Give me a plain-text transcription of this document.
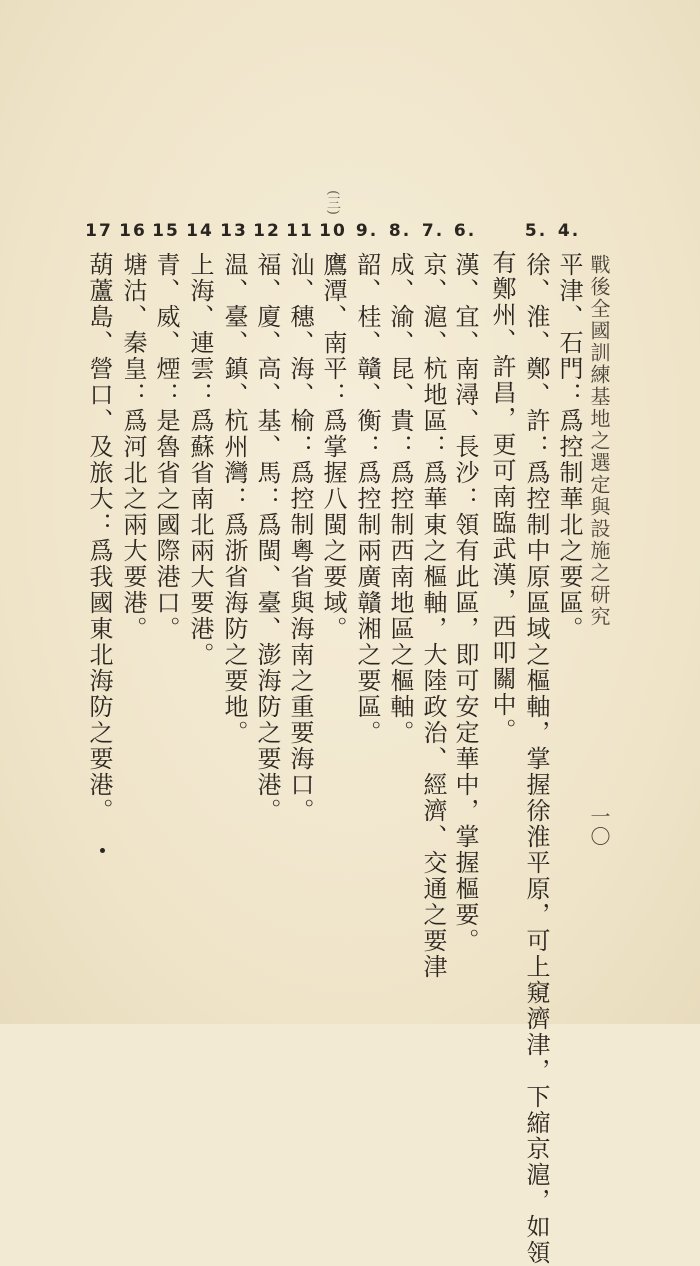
戰後全國訓練基地之選定與設施之研究
一〇
(三)
4.平津、石門：爲控制華北之要區。
5.徐、淮、鄭、許：爲控制中原區域之樞軸，掌握徐淮平原，可上窺濟津，下縮京滬，如領
有鄭州、許昌，更可南臨武漢，西叩關中。
6.漢、宜、南潯、長沙：領有此區，即可安定華中，掌握樞要。
7.京、滬、杭地區：爲華東之樞軸，大陸政治、經濟、交通之要津
8.成、渝、昆、貴：爲控制西南地區之樞軸。
9.韶、桂、贛、衡：爲控制兩廣贛湘之要區。
10鷹潭、南平：爲掌握八閩之要域。
11汕、穗、海、榆：爲控制粵省與海南之重要海口。
12福、廈、高、基、馬：爲閩、臺、澎海防之要港。
13温、臺、鎮、杭州灣：爲浙省海防之要地。
14上海、連雲：爲蘇省南北兩大要港。
15青、威、煙：是魯省之國際港口。
16塘沽、秦皇：爲河北之兩大要港。
17葫蘆島、營口、及旅大：爲我國東北海防之要港。
